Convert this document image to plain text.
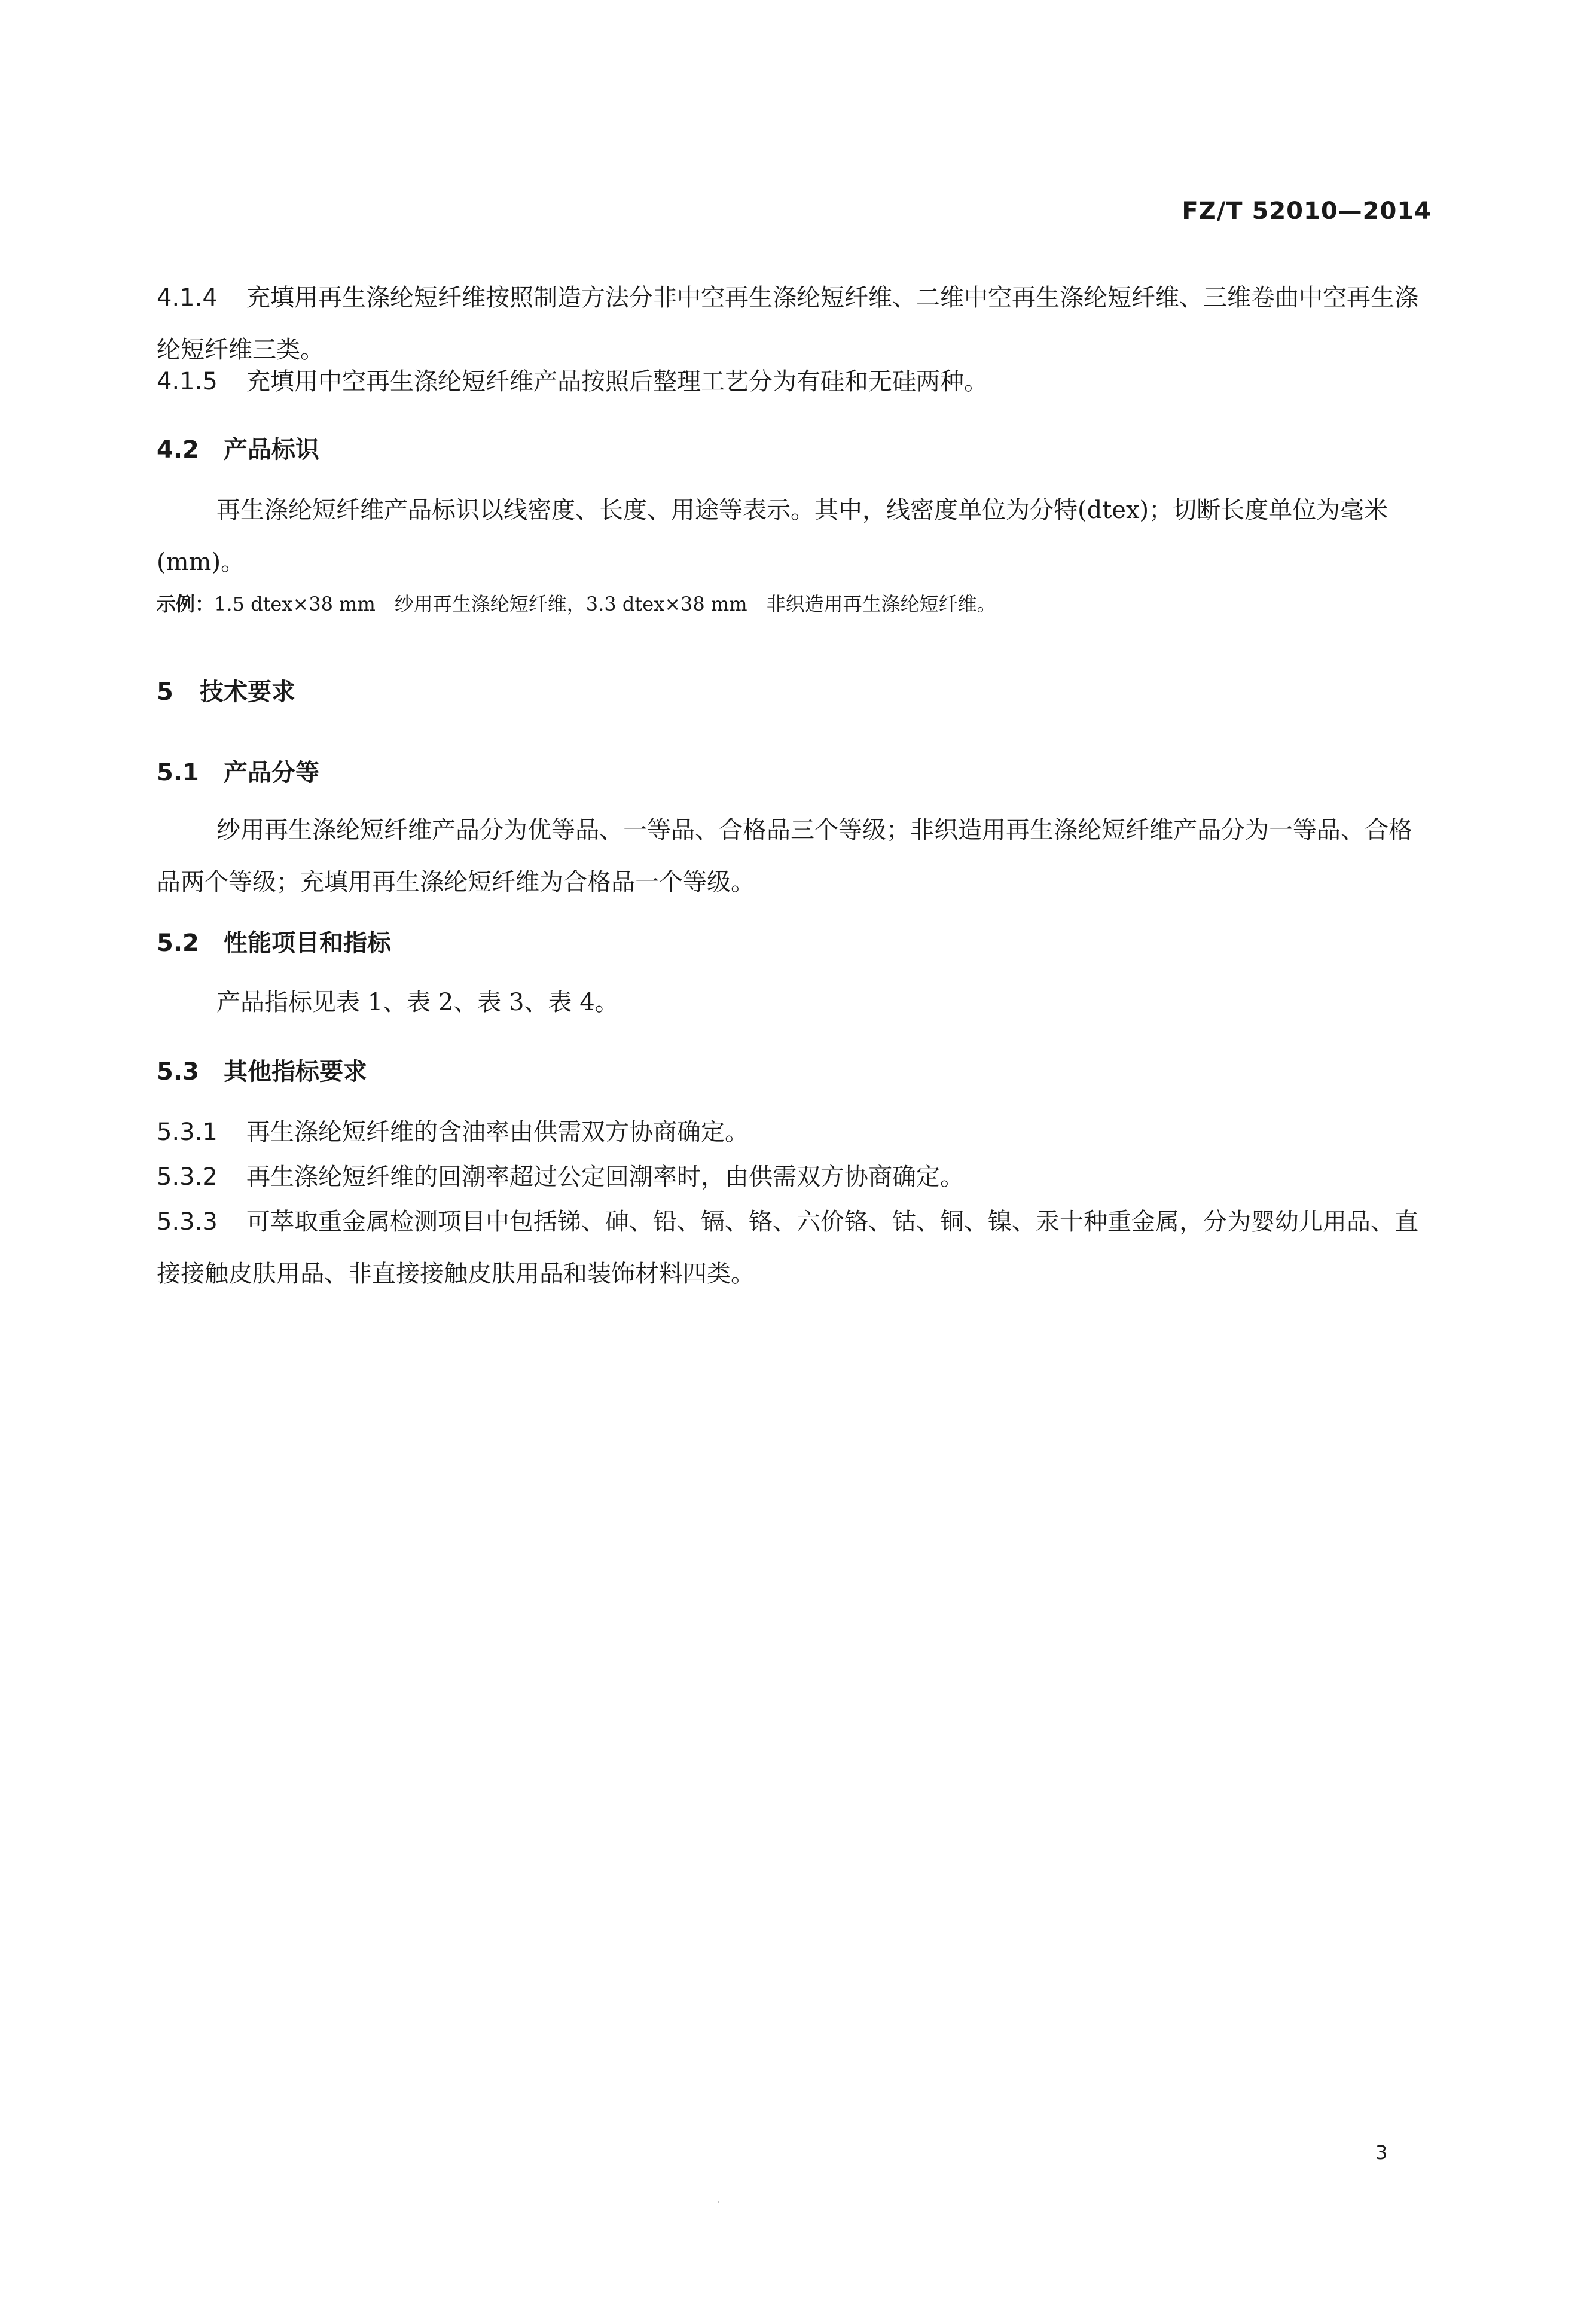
FZ/T 52010—2014
4.1.4 充填用再生涤纶短纤维按照制造方法分非中空再生涤纶短纤维、二维中空再生涤纶短纤维、三维卷曲中空再生涤纶短纤维三类。
4.1.5 充填用中空再生涤纶短纤维产品按照后整理工艺分为有硅和无硅两种。
4.2 产品标识
再生涤纶短纤维产品标识以线密度、长度、用途等表示。其中，线密度单位为分特(dtex)；切断长度单位为毫米(mm)。
示例：1.5 dtex×38 mm　纱用再生涤纶短纤维，3.3 dtex×38 mm　非织造用再生涤纶短纤维。
5 技术要求
5.1 产品分等
纱用再生涤纶短纤维产品分为优等品、一等品、合格品三个等级；非织造用再生涤纶短纤维产品分为一等品、合格品两个等级；充填用再生涤纶短纤维为合格品一个等级。
5.2 性能项目和指标
产品指标见表 1、表 2、表 3、表 4。
5.3 其他指标要求
5.3.1 再生涤纶短纤维的含油率由供需双方协商确定。
5.3.2 再生涤纶短纤维的回潮率超过公定回潮率时，由供需双方协商确定。
5.3.3 可萃取重金属检测项目中包括锑、砷、铅、镉、铬、六价铬、钴、铜、镍、汞十种重金属，分为婴幼儿用品、直接接触皮肤用品、非直接接触皮肤用品和装饰材料四类。
3
